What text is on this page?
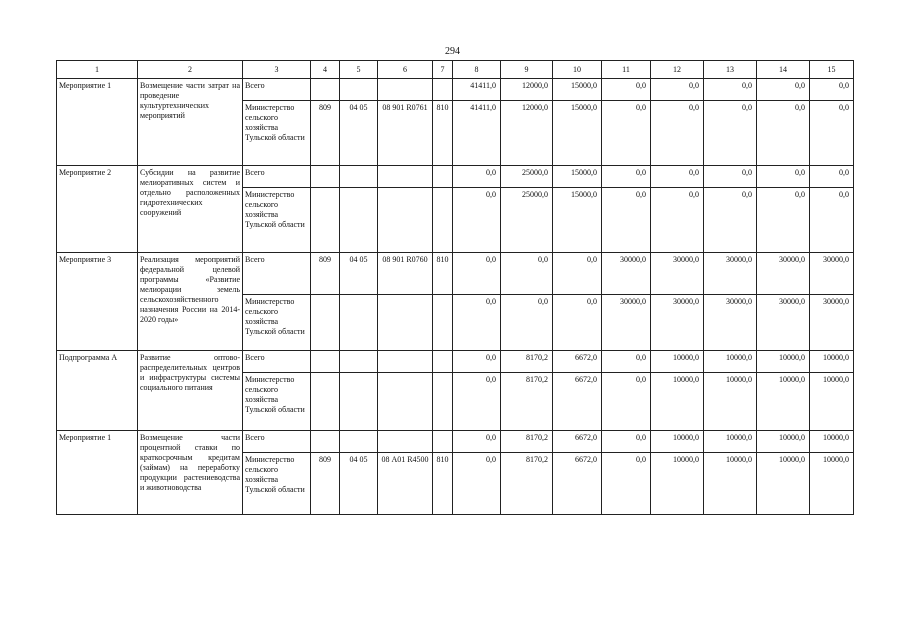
294
1	2	3	4	5	6	7	8	9	10	11	12	13	14	15
Мероприятие 1	Возмещение части затрат на проведение культуртехнических мероприятий	Всего					41411,0	12000,0	15000,0	0,0	0,0	0,0	0,0	0,0
		Министерство сельского хозяйства Тульской области	809	04 05	08 901 R0761	810	41411,0	12000,0	15000,0	0,0	0,0	0,0	0,0	0,0
Мероприятие 2	Субсидии на развитие мелиоративных систем и отдельно расположенных гидротехнических сооружений	Всего					0,0	25000,0	15000,0	0,0	0,0	0,0	0,0	0,0
		Министерство сельского хозяйства Тульской области					0,0	25000,0	15000,0	0,0	0,0	0,0	0,0	0,0
Мероприятие 3	Реализация мероприятий федеральной целевой программы «Развитие мелиорации земель сельскохозяйственного назначения России на 2014-2020 годы»	Всего	809	04 05	08 901 R0760	810	0,0	0,0	0,0	30000,0	30000,0	30000,0	30000,0	30000,0
		Министерство сельского хозяйства Тульской области					0,0	0,0	0,0	30000,0	30000,0	30000,0	30000,0	30000,0
Подпрограмма А	Развитие оптово-распределительных центров и инфраструктуры системы социального питания	Всего					0,0	8170,2	6672,0	0,0	10000,0	10000,0	10000,0	10000,0
		Министерство сельского хозяйства Тульской области					0,0	8170,2	6672,0	0,0	10000,0	10000,0	10000,0	10000,0
Мероприятие 1	Возмещение части процентной ставки по краткосрочным кредитам (займам) на переработку продукции растениеводства и животноводства	Всего					0,0	8170,2	6672,0	0,0	10000,0	10000,0	10000,0	10000,0
		Министерство сельского хозяйства Тульской области	809	04 05	08 А01 R4500	810	0,0	8170,2	6672,0	0,0	10000,0	10000,0	10000,0	10000,0
